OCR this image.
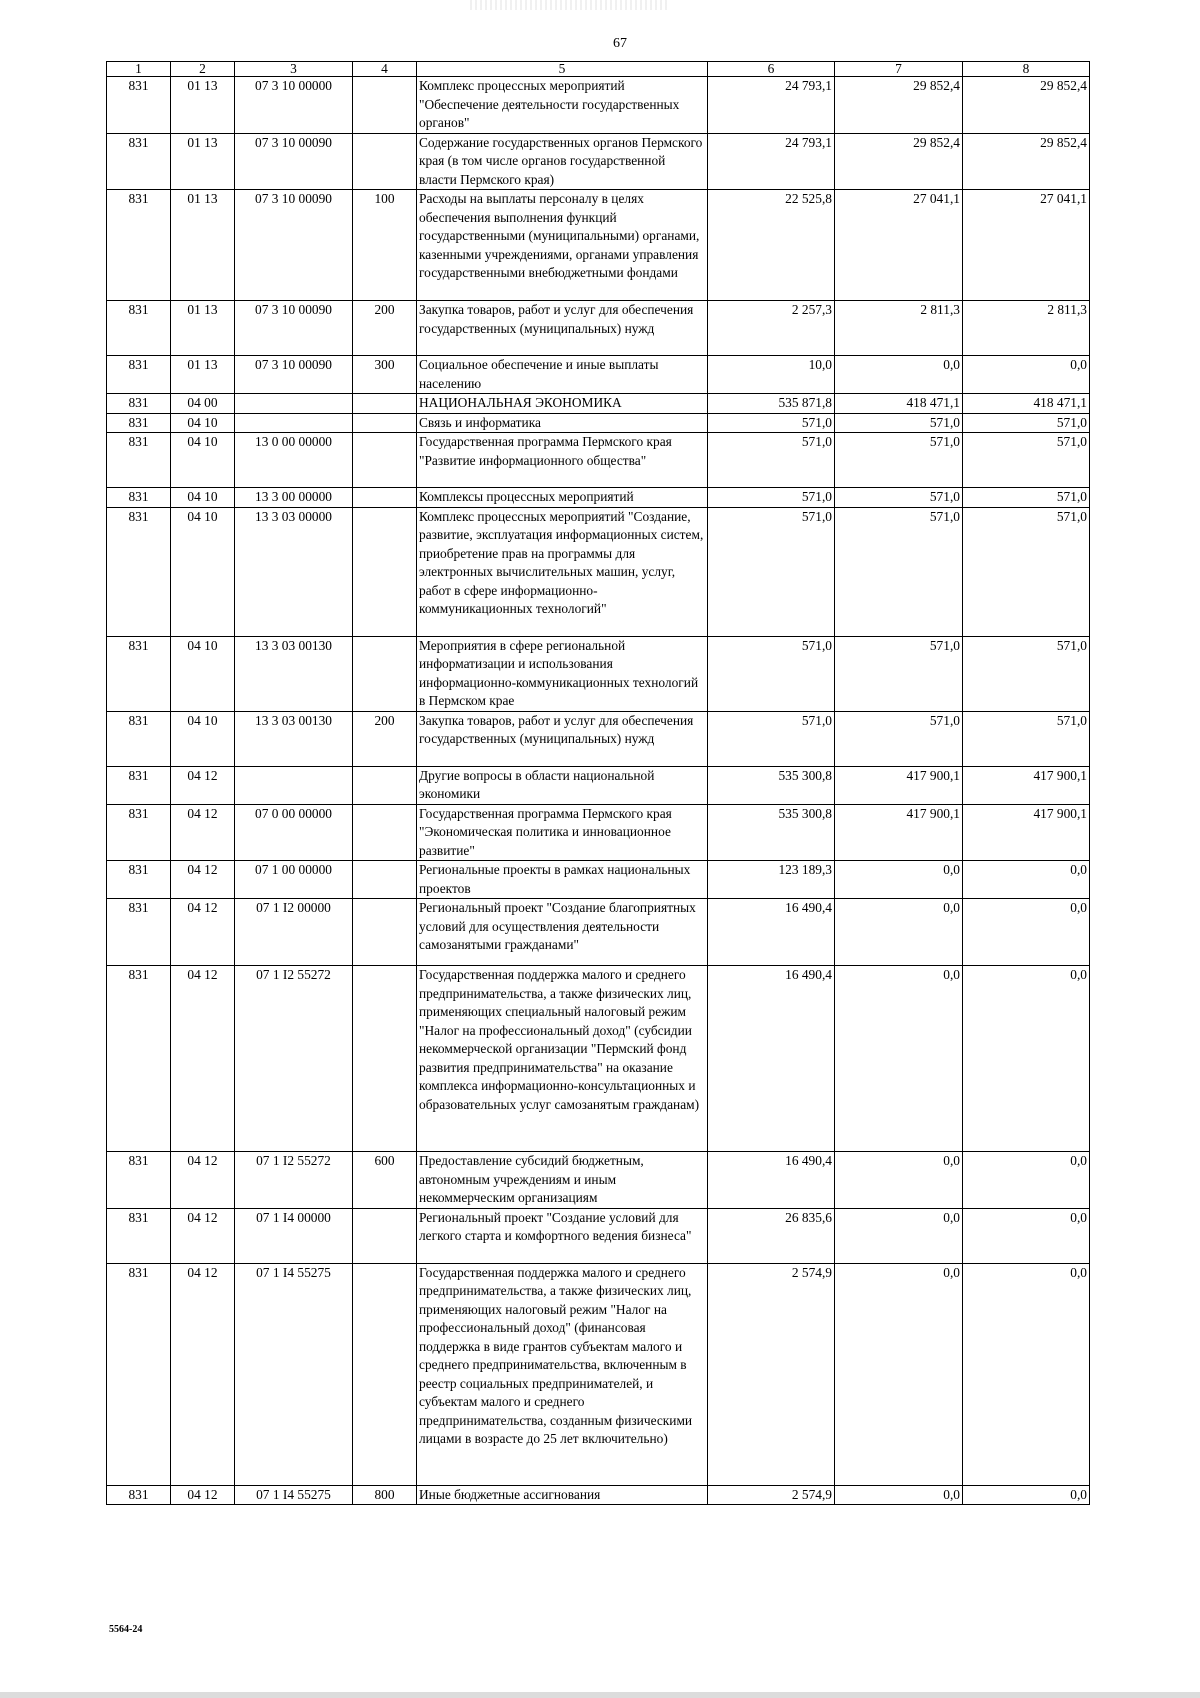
67
1	2	3	4	5	6	7	8
831	01 13	07 3 10 00000		Комплекс процессных мероприятий "Обеспечение деятельности государственных органов"	24 793,1	29 852,4	29 852,4
831	01 13	07 3 10 00090		Содержание государственных органов Пермского края (в том числе органов государственной власти Пермского края)	24 793,1	29 852,4	29 852,4
831	01 13	07 3 10 00090	100	Расходы на выплаты персоналу в целях обеспечения выполнения функций государственными (муниципальными) органами, казенными учреждениями, органами управления государственными внебюджетными фондами	22 525,8	27 041,1	27 041,1
831	01 13	07 3 10 00090	200	Закупка товаров, работ и услуг для обеспечения государственных (муниципальных) нужд	2 257,3	2 811,3	2 811,3
831	01 13	07 3 10 00090	300	Социальное обеспечение и иные выплаты населению	10,0	0,0	0,0
831	04 00			НАЦИОНАЛЬНАЯ ЭКОНОМИКА	535 871,8	418 471,1	418 471,1
831	04 10			Связь и информатика	571,0	571,0	571,0
831	04 10	13 0 00 00000		Государственная программа Пермского края "Развитие информационного общества"	571,0	571,0	571,0
831	04 10	13 3 00 00000		Комплексы процессных мероприятий	571,0	571,0	571,0
831	04 10	13 3 03 00000		Комплекс процессных мероприятий "Создание, развитие, эксплуатация информационных систем, приобретение прав на программы для электронных вычислительных машин, услуг, работ в сфере информационно-коммуникационных технологий"	571,0	571,0	571,0
831	04 10	13 3 03 00130		Мероприятия в сфере региональной информатизации и использования информационно-коммуникационных технологий в Пермском крае	571,0	571,0	571,0
831	04 10	13 3 03 00130	200	Закупка товаров, работ и услуг для обеспечения государственных (муниципальных) нужд	571,0	571,0	571,0
831	04 12			Другие вопросы в области национальной экономики	535 300,8	417 900,1	417 900,1
831	04 12	07 0 00 00000		Государственная программа Пермского края "Экономическая политика и инновационное развитие"	535 300,8	417 900,1	417 900,1
831	04 12	07 1 00 00000		Региональные проекты в рамках национальных проектов	123 189,3	0,0	0,0
831	04 12	07 1 I2 00000		Региональный проект "Создание благоприятных условий для осуществления деятельности самозанятыми гражданами"	16 490,4	0,0	0,0
831	04 12	07 1 I2 55272		Государственная поддержка малого и среднего предпринимательства, а также физических лиц, применяющих специальный налоговый режим "Налог на профессиональный доход" (субсидии некоммерческой организации "Пермский фонд развития предпринимательства" на оказание комплекса информационно-консультационных и образовательных услуг самозанятым гражданам)	16 490,4	0,0	0,0
831	04 12	07 1 I2 55272	600	Предоставление субсидий бюджетным, автономным учреждениям и иным некоммерческим организациям	16 490,4	0,0	0,0
831	04 12	07 1 I4 00000		Региональный проект "Создание условий для легкого старта и комфортного ведения бизнеса"	26 835,6	0,0	0,0
831	04 12	07 1 I4 55275		Государственная поддержка малого и среднего предпринимательства, а также физических лиц, применяющих налоговый режим "Налог на профессиональный доход" (финансовая поддержка в виде грантов субъектам малого и среднего предпринимательства, включенным в реестр социальных предпринимателей, и субъектам малого и среднего предпринимательства, созданным физическими лицами в возрасте до 25 лет включительно)	2 574,9	0,0	0,0
831	04 12	07 1 I4 55275	800	Иные бюджетные ассигнования	2 574,9	0,0	0,0
5564-24
